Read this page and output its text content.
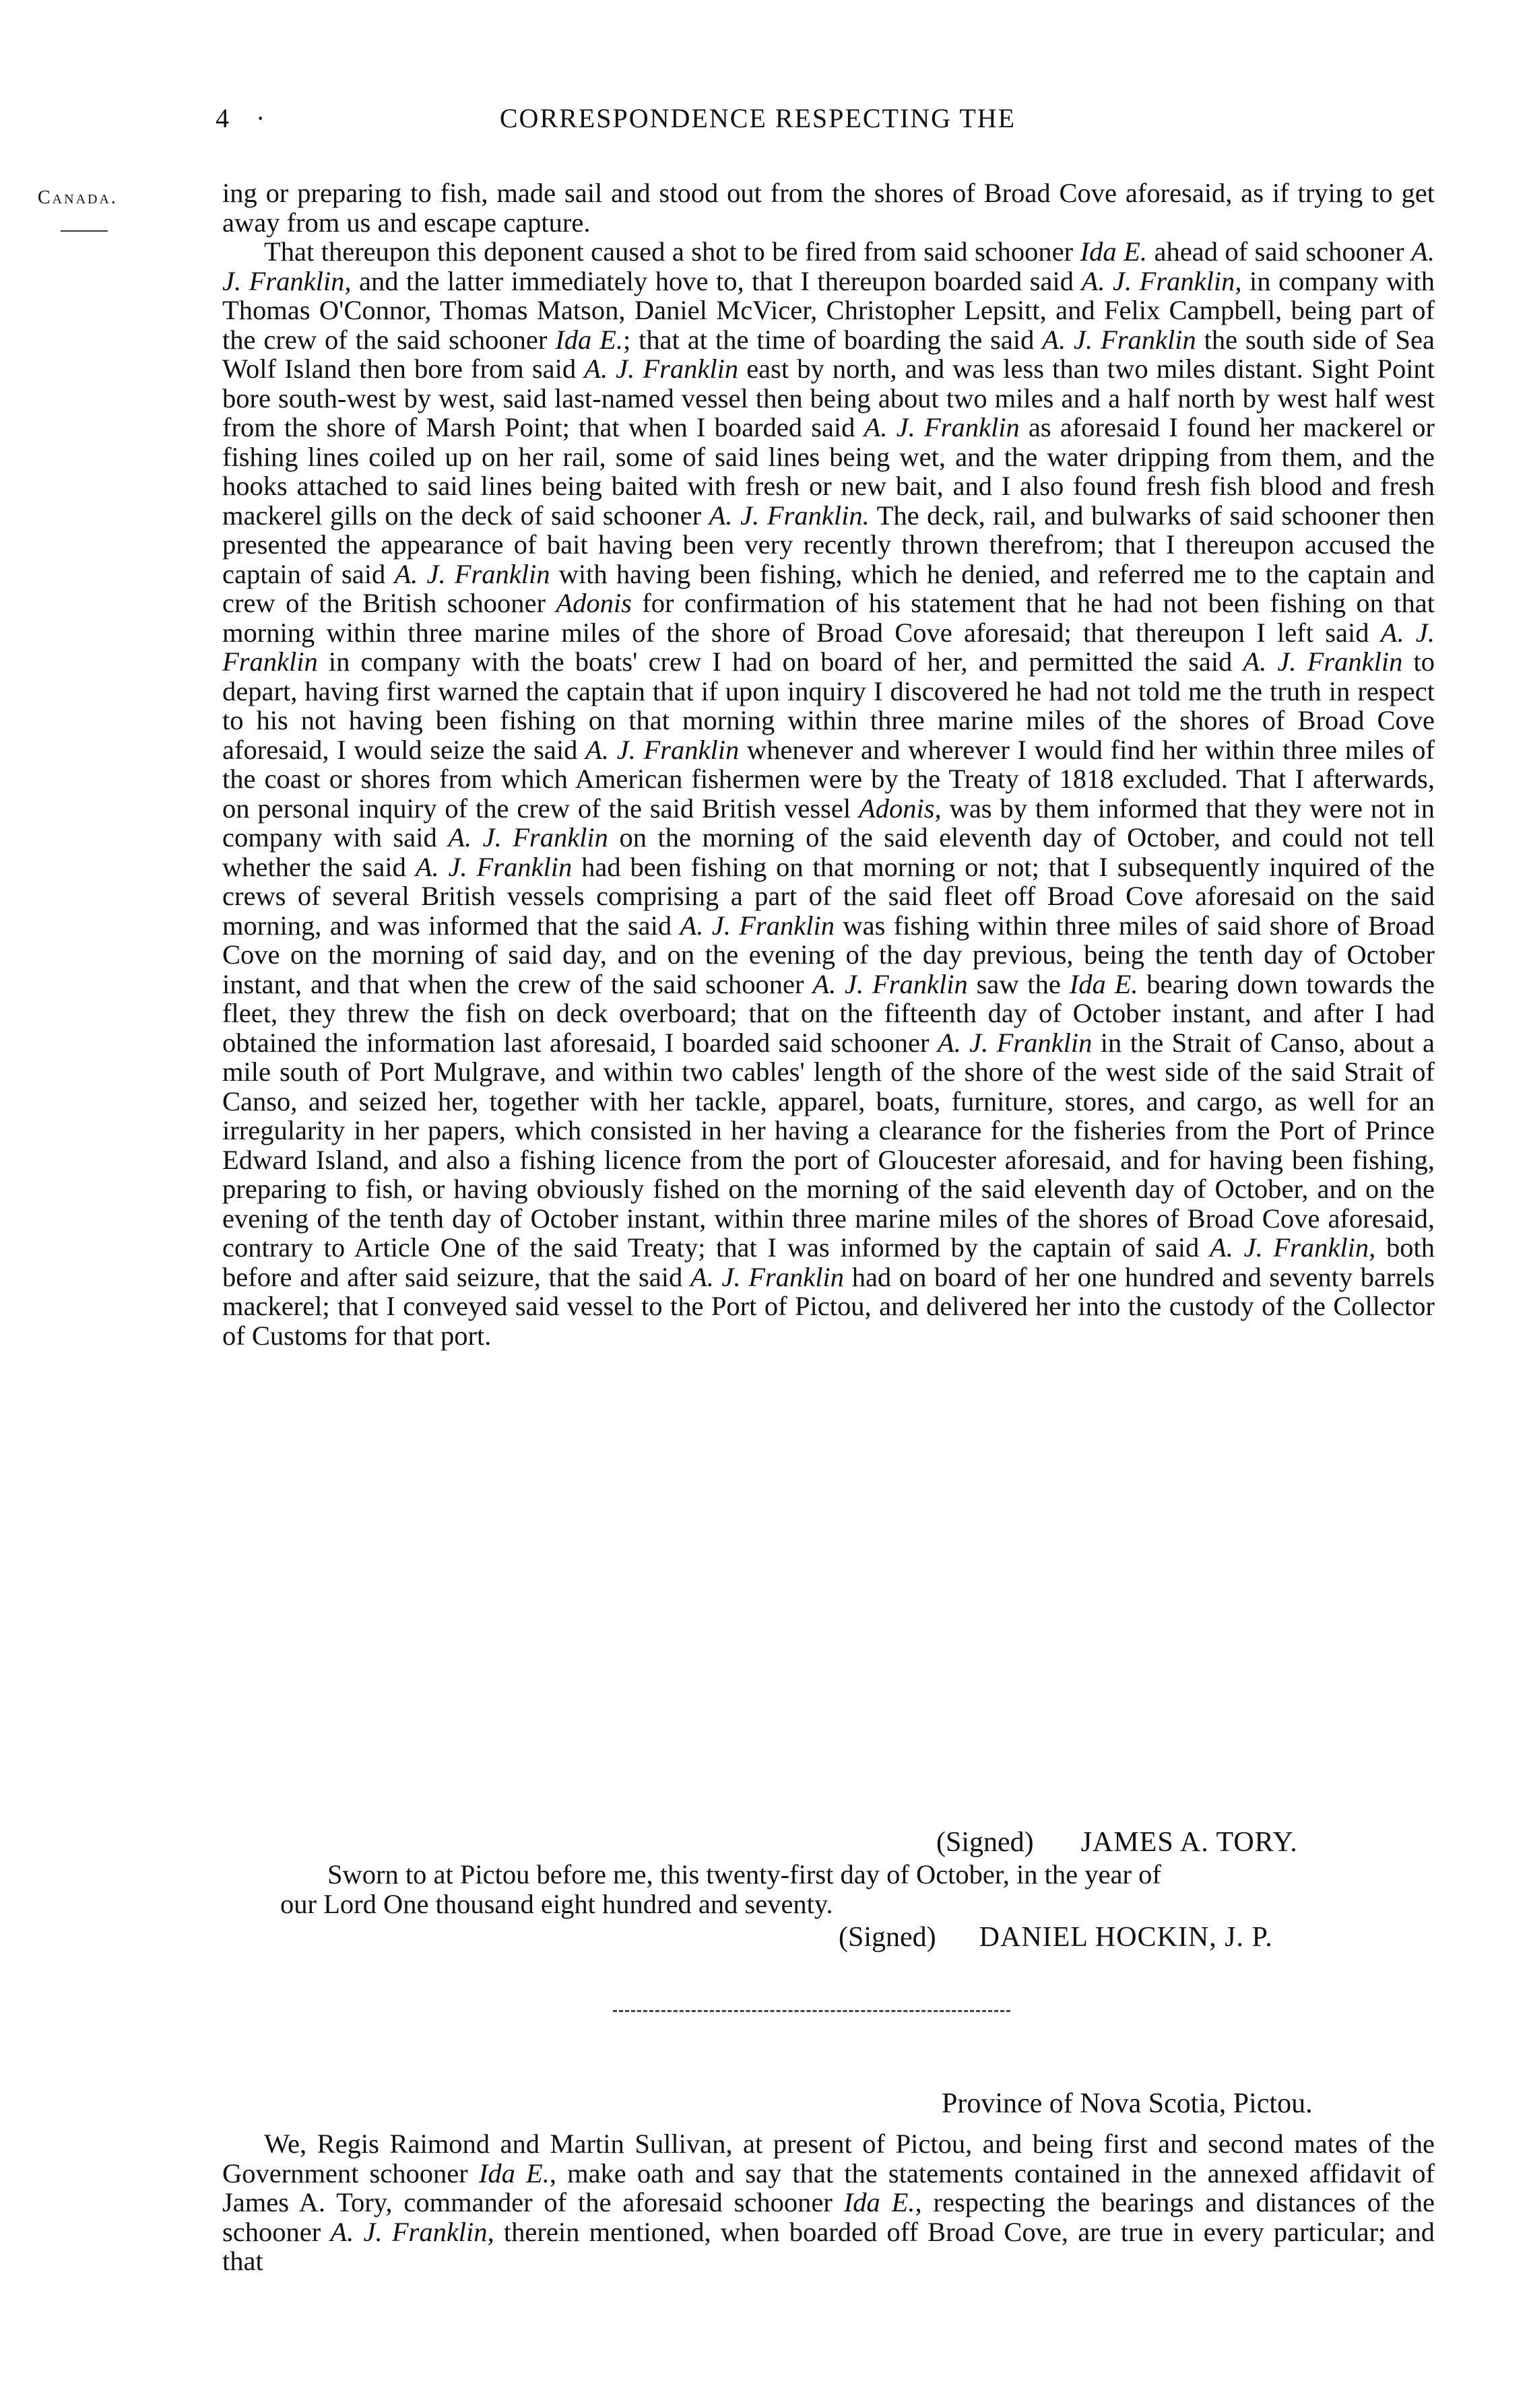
4 ·	CORRESPONDENCE RESPECTING THE
Canada.	ing or preparing to fish, made sail and stood out from the shores of Broad Cove aforesaid, as if trying to get away from us and escape capture.

That thereupon this deponent caused a shot to be fired from said schooner Ida E. ahead of said schooner A. J. Franklin, and the latter immediately hove to, that I thereupon boarded said A. J. Franklin, in company with Thomas O'Connor, Thomas Matson, Daniel McVicer, Christopher Lepsitt, and Felix Campbell, being part of the crew of the said schooner Ida E.; that at the time of boarding the said A. J. Franklin the south side of Sea Wolf Island then bore from said A. J. Franklin east by north, and was less than two miles distant. Sight Point bore south-west by west, said last-named vessel then being about two miles and a half north by west half west from the shore of Marsh Point; that when I boarded said A. J. Franklin as aforesaid I found her mackerel or fishing lines coiled up on her rail, some of said lines being wet, and the water dripping from them, and the hooks attached to said lines being baited with fresh or new bait, and I also found fresh fish blood and fresh mackerel gills on the deck of said schooner A. J. Franklin. The deck, rail, and bulwarks of said schooner then presented the appearance of bait having been very recently thrown therefrom; that I thereupon accused the captain of said A. J. Franklin with having been fishing, which he denied, and referred me to the captain and crew of the British schooner Adonis for confirmation of his statement that he had not been fishing on that morning within three marine miles of the shore of Broad Cove aforesaid; that thereupon I left said A. J. Franklin in company with the boats' crew I had on board of her, and permitted the said A. J. Franklin to depart, having first warned the captain that if upon inquiry I discovered he had not told me the truth in respect to his not having been fishing on that morning within three marine miles of the shores of Broad Cove aforesaid, I would seize the said A. J. Franklin whenever and wherever I would find her within three miles of the coast or shores from which American fishermen were by the Treaty of 1818 excluded. That I afterwards, on personal inquiry of the crew of the said British vessel Adonis, was by them informed that they were not in company with said A. J. Franklin on the morning of the said eleventh day of October, and could not tell whether the said A. J. Franklin had been fishing on that morning or not; that I subsequently inquired of the crews of several British vessels comprising a part of the said fleet off Broad Cove aforesaid on the said morning, and was informed that the said A. J. Franklin was fishing within three miles of said shore of Broad Cove on the morning of said day, and on the evening of the day previous, being the tenth day of October instant, and that when the crew of the said schooner A. J. Franklin saw the Ida E. bearing down towards the fleet, they threw the fish on deck overboard; that on the fifteenth day of October instant, and after I had obtained the information last aforesaid, I boarded said schooner A. J. Franklin in the Strait of Canso, about a mile south of Port Mulgrave, and within two cables' length of the shore of the west side of the said Strait of Canso, and seized her, together with her tackle, apparel, boats, furniture, stores, and cargo, as well for an irregularity in her papers, which consisted in her having a clearance for the fisheries from the Port of Prince Edward Island, and also a fishing licence from the port of Gloucester aforesaid, and for having been fishing, preparing to fish, or having obviously fished on the morning of the said eleventh day of October, and on the evening of the tenth day of October instant, within three marine miles of the shores of Broad Cove aforesaid, contrary to Article One of the said Treaty; that I was informed by the captain of said A. J. Franklin, both before and after said seizure, that the said A. J. Franklin had on board of her one hundred and seventy barrels mackerel; that I conveyed said vessel to the Port of Pictou, and delivered her into the custody of the Collector of Customs for that port.

(Signed) JAMES A. TORY.
Sworn to at Pictou before me, this twenty-first day of October, in the year of
our Lord One thousand eight hundred and seventy.
(Signed) DANIEL HOCKIN, J. P.
Province of Nova Scotia, Pictou.

We, Regis Raimond and Martin Sullivan, at present of Pictou, and being first and second mates of the Government schooner Ida E., make oath and say that the statements contained in the annexed affidavit of James A. Tory, commander of the aforesaid schooner Ida E., respecting the bearings and distances of the schooner A. J. Franklin, therein mentioned, when boarded off Broad Cove, are true in every particular; and that
